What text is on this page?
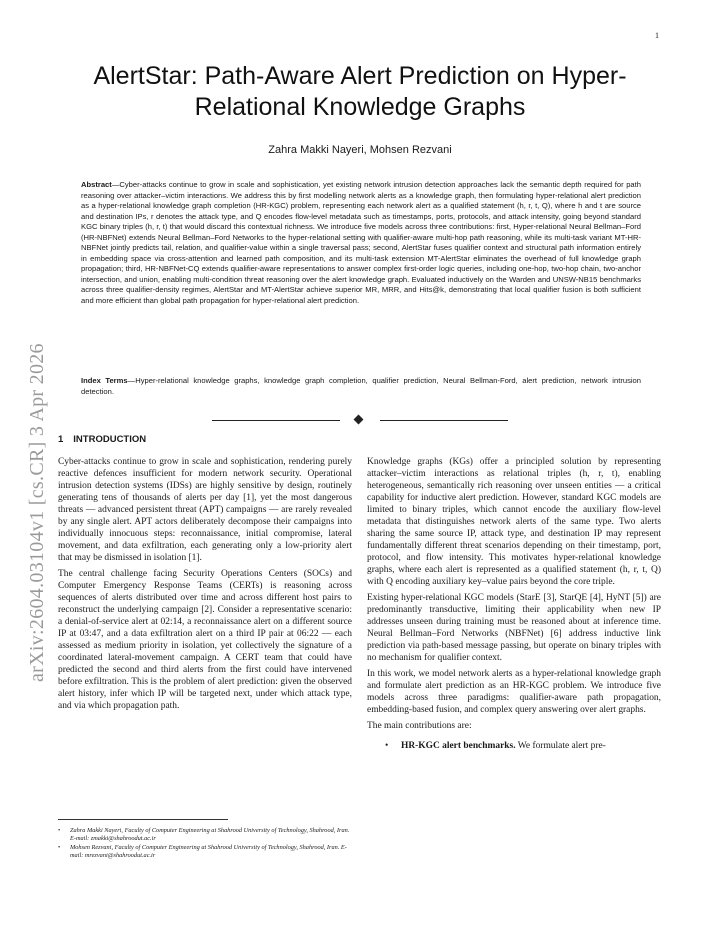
1
arXiv:2604.03104v1 [cs.CR] 3 Apr 2026
AlertStar: Path-Aware Alert Prediction on Hyper-Relational Knowledge Graphs
Zahra Makki Nayeri, Mohsen Rezvani
Abstract—Cyber-attacks continue to grow in scale and sophistication, yet existing network intrusion detection approaches lack the semantic depth required for path reasoning over attacker–victim interactions. We address this by first modelling network alerts as a knowledge graph, then formulating hyper-relational alert prediction as a hyper-relational knowledge graph completion (HR-KGC) problem, representing each network alert as a qualified statement (h, r, t, Q), where h and t are source and destination IPs, r denotes the attack type, and Q encodes flow-level metadata such as timestamps, ports, protocols, and attack intensity, going beyond standard KGC binary triples (h, r, t) that would discard this contextual richness. We introduce five models across three contributions: first, Hyper-relational Neural Bellman–Ford (HR-NBFNet) extends Neural Bellman–Ford Networks to the hyper-relational setting with qualifier-aware multi-hop path reasoning, while its multi-task variant MT-HR-NBFNet jointly predicts tail, relation, and qualifier-value within a single traversal pass; second, AlertStar fuses qualifier context and structural path information entirely in embedding space via cross-attention and learned path composition, and its multi-task extension MT-AlertStar eliminates the overhead of full knowledge graph propagation; third, HR-NBFNet-CQ extends qualifier-aware representations to answer complex first-order logic queries, including one-hop, two-hop chain, two-anchor intersection, and union, enabling multi-condition threat reasoning over the alert knowledge graph. Evaluated inductively on the Warden and UNSW-NB15 benchmarks across three qualifier-density regimes, AlertStar and MT-AlertStar achieve superior MR, MRR, and Hits@k, demonstrating that local qualifier fusion is both sufficient and more efficient than global path propagation for hyper-relational alert prediction.
Index Terms—Hyper-relational knowledge graphs, knowledge graph completion, qualifier prediction, Neural Bellman-Ford, alert prediction, network intrusion detection.
1 INTRODUCTION

Cyber-attacks continue to grow in scale and sophistication, rendering purely reactive defences insufficient for modern network security. Operational intrusion detection systems (IDSs) are highly sensitive by design, routinely generating tens of thousands of alerts per day [1], yet the most dangerous threats — advanced persistent threat (APT) campaigns — are rarely revealed by any single alert. APT actors deliberately decompose their campaigns into individually innocuous steps: reconnaissance, initial compromise, lateral movement, and data exfiltration, each generating only a low-priority alert that may be dismissed in isolation [1].

The central challenge facing Security Operations Centers (SOCs) and Computer Emergency Response Teams (CERTs) is reasoning across sequences of alerts distributed over time and across different host pairs to reconstruct the underlying campaign [2]. Consider a representative scenario: a denial-of-service alert at 02:14, a reconnaissance alert on a different source IP at 03:47, and a data exfiltration alert on a third IP pair at 06:22 — each assessed as medium priority in isolation, yet collectively the signature of a coordinated lateral-movement campaign. A CERT team that could have predicted the second and third alerts from the first could have intervened before exfiltration. This is the problem of alert prediction: given the observed alert history, infer which IP will be targeted next, under which attack type, and via which propagation path.

• Zahra Makki Nayeri, Faculty of Computer Engineering at Shahrood University of Technology, Shahrood, Iran. E-mail: zmakki@shahroodut.ac.ir
• Mohsen Rezvani, Faculty of Computer Engineering at Shahrood University of Technology, Shahrood, Iran. E-mail: mrezvani@shahroodut.ac.ir

Knowledge graphs (KGs) offer a principled solution by representing attacker–victim interactions as relational triples (h, r, t), enabling heterogeneous, semantically rich reasoning over unseen entities — a critical capability for inductive alert prediction. However, standard KGC models are limited to binary triples, which cannot encode the auxiliary flow-level metadata that distinguishes network alerts of the same type. Two alerts sharing the same source IP, attack type, and destination IP may represent fundamentally different threat scenarios depending on their timestamp, port, protocol, and flow intensity. This motivates hyper-relational knowledge graphs, where each alert is represented as a qualified statement (h, r, t, Q) with Q encoding auxiliary key–value pairs beyond the core triple.

Existing hyper-relational KGC models (StarE [3], StarQE [4], HyNT [5]) are predominantly transductive, limiting their applicability when new IP addresses unseen during training must be reasoned about at inference time. Neural Bellman–Ford Networks (NBFNet) [6] address inductive link prediction via path-based message passing, but operate on binary triples with no mechanism for qualifier context.

In this work, we model network alerts as a hyper-relational knowledge graph and formulate alert prediction as an HR-KGC problem. We introduce five models across three paradigms: qualifier-aware path propagation, embedding-based fusion, and complex query answering over alert graphs.

The main contributions are:

• HR-KGC alert benchmarks. We formulate alert pre-
